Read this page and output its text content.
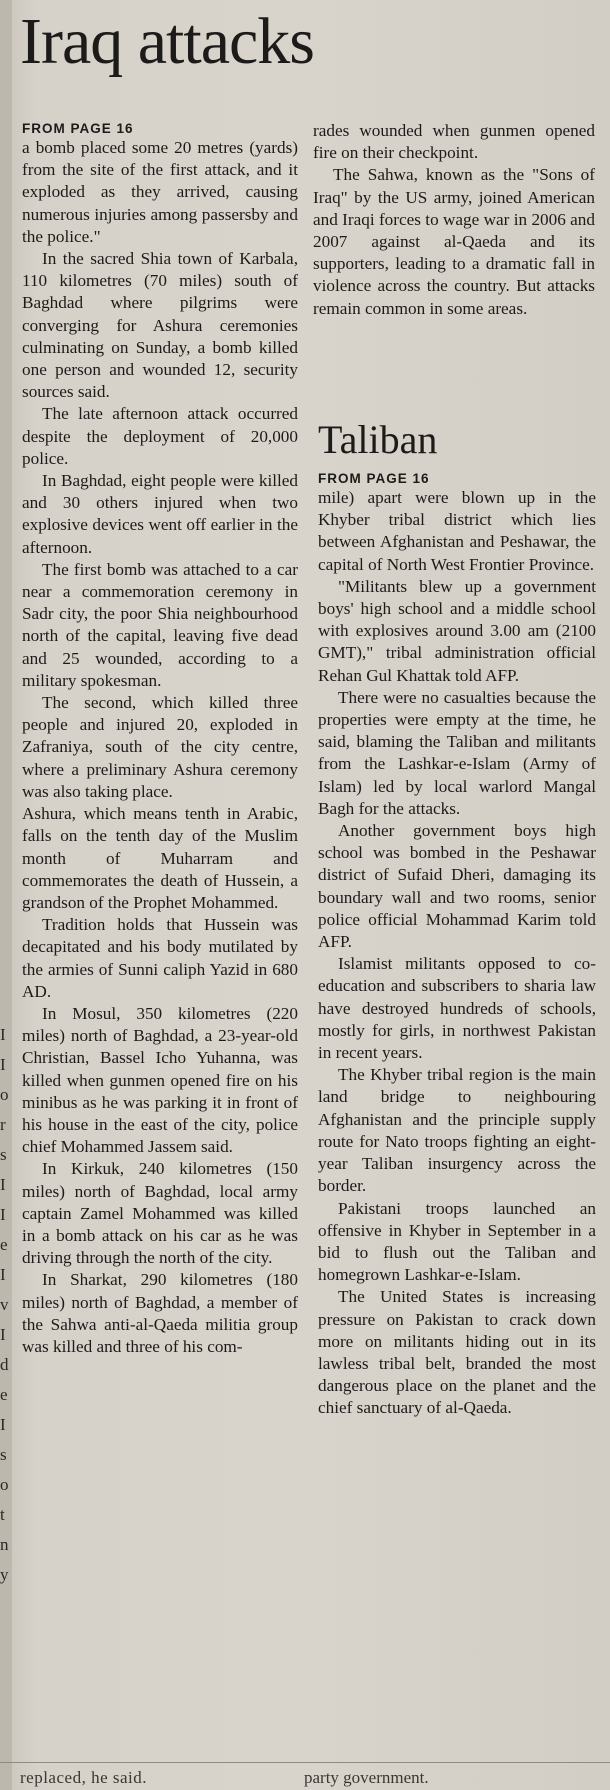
I
I
o
r
s
I
I
e
I
v
I
d
e
I
s
o
t
n
y
Iraq attacks

FROM PAGE 16

a bomb placed some 20 metres (yards) from the site of the first attack, and it exploded as they arrived, causing numerous injuries among passersby and the police."

In the sacred Shia town of Karbala, 110 kilometres (70 miles) south of Baghdad where pilgrims were converging for Ashura ceremonies culminating on Sunday, a bomb killed one person and wounded 12, security sources said.

The late afternoon attack occurred despite the deployment of 20,000 police.

In Baghdad, eight people were killed and 30 others injured when two explosive devices went off earlier in the afternoon.

The first bomb was attached to a car near a commemoration ceremony in Sadr city, the poor Shia neighbourhood north of the capital, leaving five dead and 25 wounded, according to a military spokesman.

The second, which killed three people and injured 20, exploded in Zafraniya, south of the city centre, where a preliminary Ashura ceremony was also taking place.

Ashura, which means tenth in Arabic, falls on the tenth day of the Muslim month of Muharram and commemorates the death of Hussein, a grandson of the Prophet Mohammed.

Tradition holds that Hussein was decapitated and his body mutilated by the armies of Sunni caliph Yazid in 680 AD.

In Mosul, 350 kilometres (220 miles) north of Baghdad, a 23-year-old Christian, Bassel Icho Yuhanna, was killed when gunmen opened fire on his minibus as he was parking it in front of his house in the east of the city, police chief Mohammed Jassem said.

In Kirkuk, 240 kilometres (150 miles) north of Baghdad, local army captain Zamel Mohammed was killed in a bomb attack on his car as he was driving through the north of the city.

In Sharkat, 290 kilometres (180 miles) north of Baghdad, a member of the Sahwa anti-al-Qaeda militia group was killed and three of his com-

rades wounded when gunmen opened fire on their checkpoint.

The Sahwa, known as the "Sons of Iraq" by the US army, joined American and Iraqi forces to wage war in 2006 and 2007 against al-Qaeda and its supporters, leading to a dramatic fall in violence across the country. But attacks remain common in some areas.

Taliban

FROM PAGE 16

mile) apart were blown up in the Khyber tribal district which lies between Afghanistan and Peshawar, the capital of North West Frontier Province.

"Militants blew up a government boys' high school and a middle school with explosives around 3.00 am (2100 GMT)," tribal administration official Rehan Gul Khattak told AFP.

There were no casualties because the properties were empty at the time, he said, blaming the Taliban and militants from the Lashkar-e-Islam (Army of Islam) led by local warlord Mangal Bagh for the attacks.

Another government boys high school was bombed in the Peshawar district of Sufaid Dheri, damaging its boundary wall and two rooms, senior police official Mohammad Karim told AFP.

Islamist militants opposed to co-education and subscribers to sharia law have destroyed hundreds of schools, mostly for girls, in northwest Pakistan in recent years.

The Khyber tribal region is the main land bridge to neighbouring Afghanistan and the principle supply route for Nato troops fighting an eight-year Taliban insurgency across the border.

Pakistani troops launched an offensive in Khyber in September in a bid to flush out the Taliban and homegrown Lashkar-e-Islam.

The United States is increasing pressure on Pakistan to crack down more on militants hiding out in its lawless tribal belt, branded the most dangerous place on the planet and the chief sanctuary of al-Qaeda.

replaced, he said.	party government.
